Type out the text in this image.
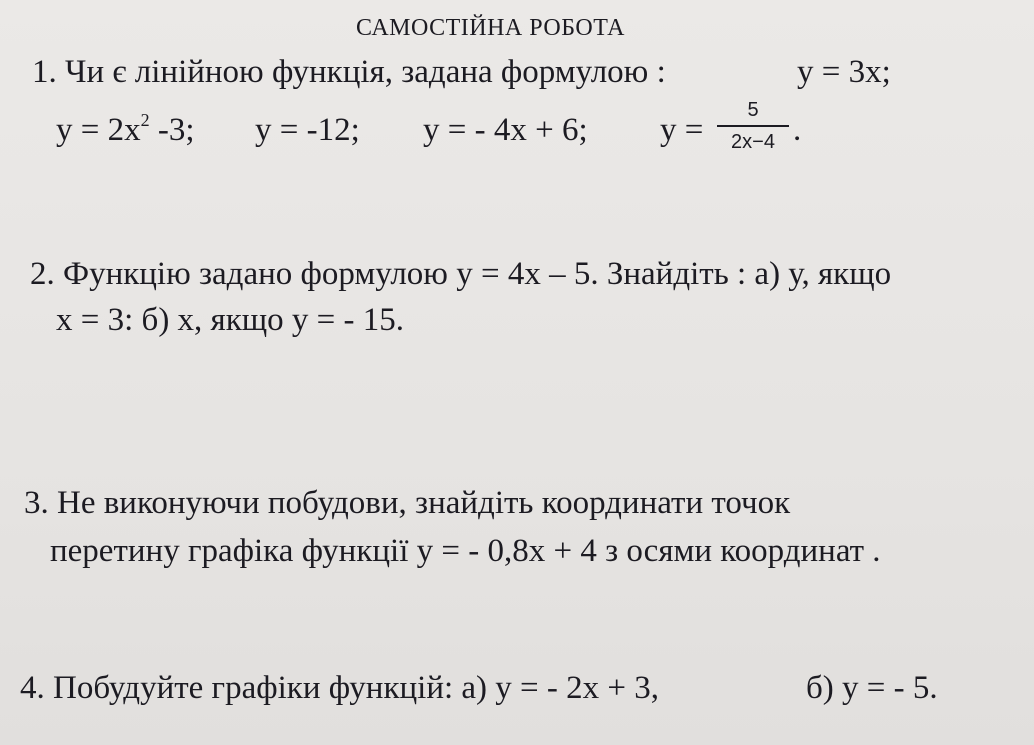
САМОСТІЙНА РОБОТА
1. Чи є лінійною функція, задана формулою :	y = 3x;
$y = 2x^2$ -3; y = -12; y = - 4x + 6; y =
5
2x−4 .
2. Функцію задано формулою y = 4x – 5. Знайдіть : а) у, якщо
x = 3: б) х, якщо у = - 15.
3. Не виконуючи побудови, знайдіть координати точок
перетину графіка функції y = - 0,8x + 4 з осями координат .
4. Побудуйте графіки функцій: а) y = - 2x + 3,	б) y = - 5.
